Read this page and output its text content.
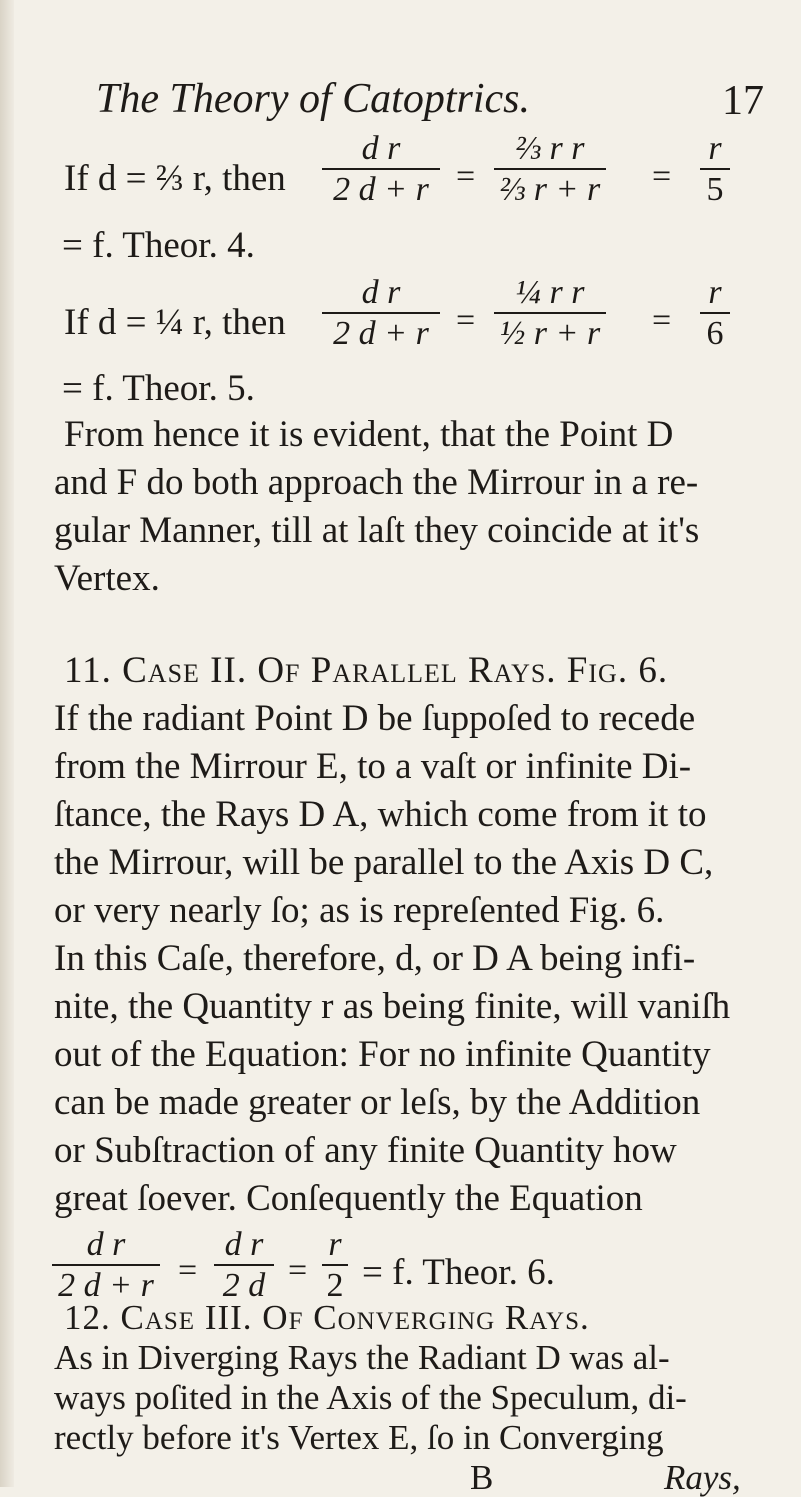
The Theory of Catoptrics.	17
If d = ⅔ r, then
d r
2 d + r =
⅔ r r
⅔ r + r =
r
5
= f. Theor. 4.
If d = ¼ r, then
d r
2 d + r =
¼ r r
½ r + r =
r
6
= f. Theor. 5.
From hence it is evident, that the Point D
and F do both approach the Mirrour in a re-
gular Manner, till at laſt they coincide at it's
Vertex.
11. Case II. Of Parallel Rays. Fig. 6.
If the radiant Point D be ſuppoſed to recede
from the Mirrour E, to a vaſt or infinite Di-
ſtance, the Rays D A, which come from it to
the Mirrour, will be parallel to the Axis D C,
or very nearly ſo; as is repreſented Fig. 6.
In this Caſe, therefore, d, or D A being infi-
nite, the Quantity r as being finite, will vaniſh
out of the Equation: For no infinite Quantity
can be made greater or leſs, by the Addition
or Subſtraction of any finite Quantity how
great ſoever. Conſequently the Equation
d r
2 d + r =
d r
2 d =
r
2 = f. Theor. 6.
12. Case III. Of Converging Rays.
As in Diverging Rays the Radiant D was al-
ways poſited in the Axis of the Speculum, di-
rectly before it's Vertex E, ſo in Converging
B	Rays,
